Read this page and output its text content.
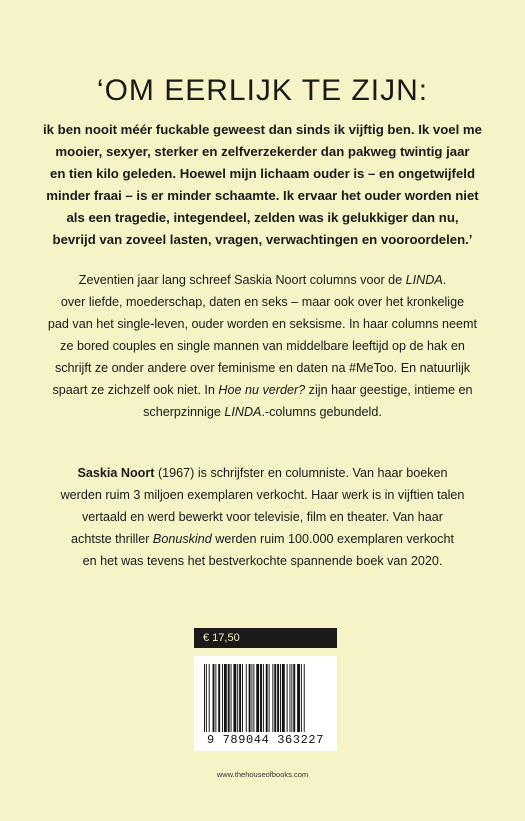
‘OM EERLIJK TE ZIJN:
ik ben nooit méér fuckable geweest dan sinds ik vijftig ben. Ik voel me
mooier, sexyer, sterker en zelfverzekerder dan pakweg twintig jaar
en tien kilo geleden. Hoewel mijn lichaam ouder is – en ongetwijfeld
minder fraai – is er minder schaamte. Ik ervaar het ouder worden niet
als een tragedie, integendeel, zelden was ik gelukkiger dan nu,
bevrijd van zoveel lasten, vragen, verwachtingen en vooroordelen.’
Zeventien jaar lang schreef Saskia Noort columns voor de LINDA.
over liefde, moederschap, daten en seks – maar ook over het kronkelige
pad van het single-leven, ouder worden en seksisme. In haar columns neemt
ze bored couples en single mannen van middelbare leeftijd op de hak en
schrijft ze onder andere over feminisme en daten na #MeToo. En natuurlijk
spaart ze zichzelf ook niet. In Hoe nu verder? zijn haar geestige, intieme en
scherpzinnige LINDA.-columns gebundeld.
Saskia Noort (1967) is schrijfster en columniste. Van haar boeken
werden ruim 3 miljoen exemplaren verkocht. Haar werk is in vijftien talen
vertaald en werd bewerkt voor televisie, film en theater. Van haar
achtste thriller Bonuskind werden ruim 100.000 exemplaren verkocht
en het was tevens het bestverkochte spannende boek van 2020.
€ 17,50
9 789044 363227
www.thehouseofbooks.com
